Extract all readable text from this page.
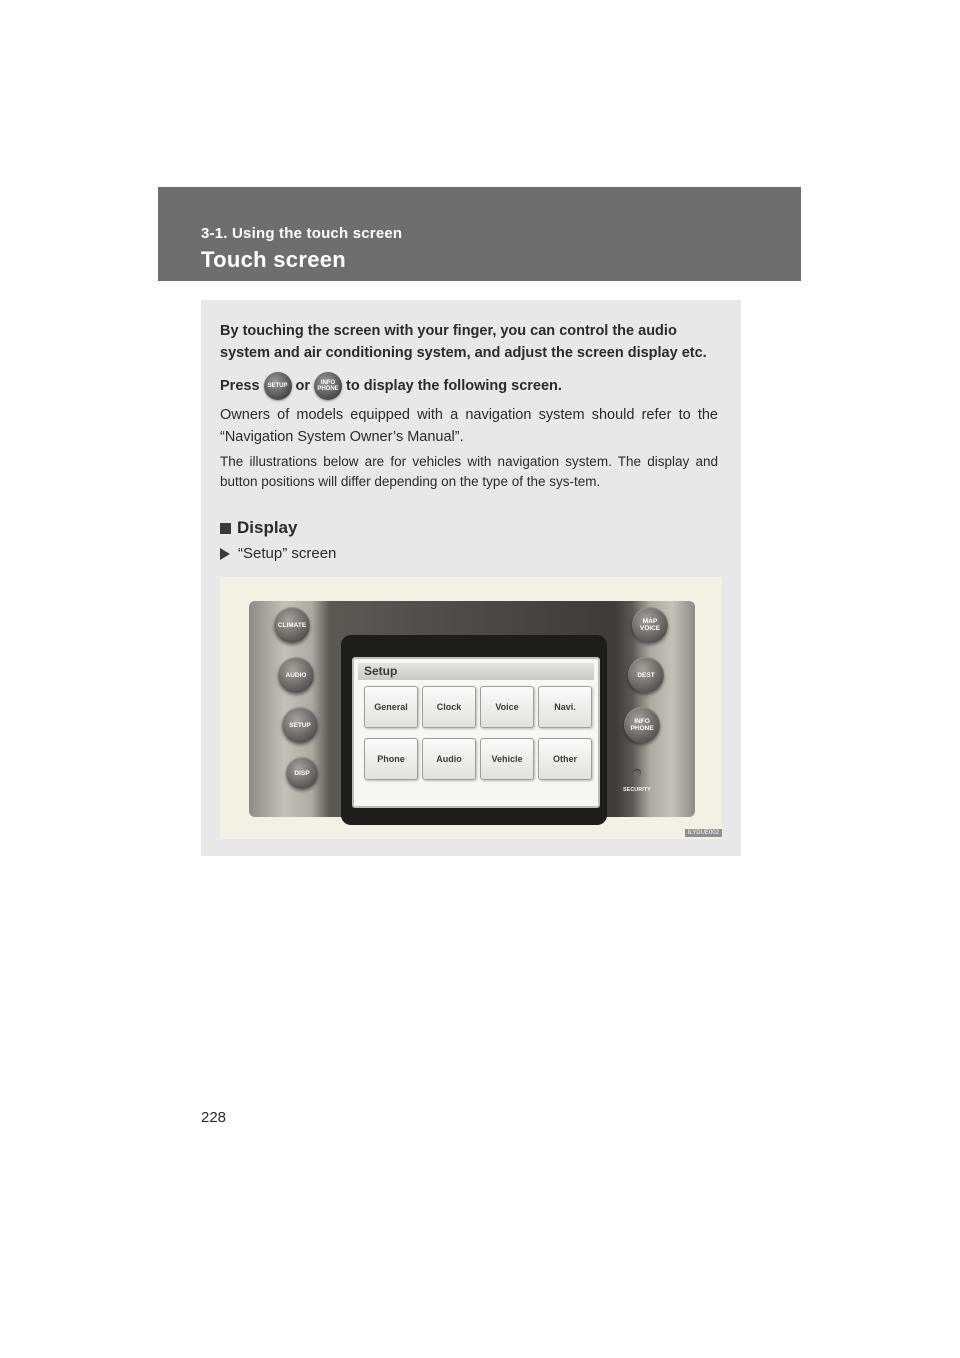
3-1. Using the touch screen
Touch screen
By touching the screen with your finger, you can control the audio system and air conditioning system, and adjust the screen display etc.
Press	SETUP or	INFO PHONE to display the following screen.
Owners of models equipped with a navigation system should refer to the “Navigation System Owner’s Manual”.
The illustrations below are for vehicles with navigation system. The display and button positions will differ depending on the type of the sys-tem.
Display
“Setup” screen
CLIMATE
AUDIO
SETUP
DISP
MAP VOICE
DEST
INFO PHONE
SECURITY
Setup
General	Clock	Voice	Navi.
Phone	Audio	Vehicle	Other
ILYDUE002
228
